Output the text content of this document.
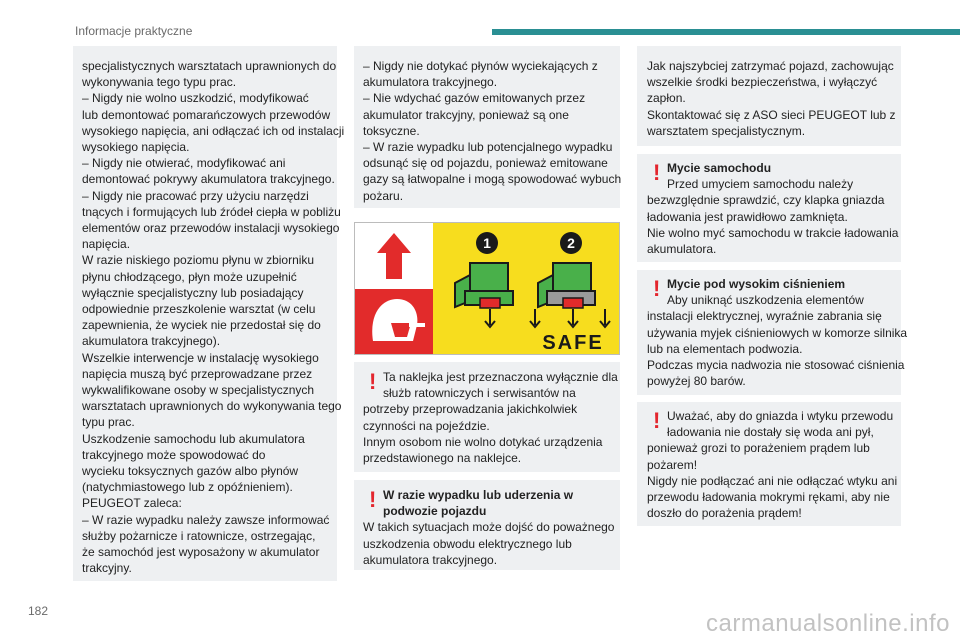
Informacje praktyczne
specjalistycznych warsztatach uprawnionych do
wykonywania tego typu prac.
– Nigdy nie wolno uszkodzić, modyfikować
lub demontować pomarańczowych przewodów
wysokiego napięcia, ani odłączać ich od instalacji
wysokiego napięcia.
– Nigdy nie otwierać, modyfikować ani
demontować pokrywy akumulatora trakcyjnego.
– Nigdy nie pracować przy użyciu narzędzi
tnących i formujących lub źródeł ciepła w pobliżu
elementów oraz przewodów instalacji wysokiego
napięcia.
W razie niskiego poziomu płynu w zbiorniku
płynu chłodzącego, płyn może uzupełnić
wyłącznie specjalistyczny lub posiadający
odpowiednie przeszkolenie warsztat (w celu
zapewnienia, że wyciek nie przedostał się do
akumulatora trakcyjnego).
Wszelkie interwencje w instalację wysokiego
napięcia muszą być przeprowadzane przez
wykwalifikowane osoby w specjalistycznych
warsztatach uprawnionych do wykonywania tego
typu prac.
Uszkodzenie samochodu lub akumulatora
trakcyjnego może spowodować do
wycieku toksycznych gazów albo płynów
(natychmiastowego lub z opóźnieniem).
PEUGEOT zaleca:
– W razie wypadku należy zawsze informować
służby pożarnicze i ratownicze, ostrzegając,
że samochód jest wyposażony w akumulator
trakcyjny.
– Nigdy nie dotykać płynów wyciekających z
akumulatora trakcyjnego.
– Nie wdychać gazów emitowanych przez
akumulator trakcyjny, ponieważ są one
toksyczne.
– W razie wypadku lub potencjalnego wypadku
odsunąć się od pojazdu, ponieważ emitowane
gazy są łatwopalne i mogą spowodować wybuch
pożaru.
1	2
SAFE
! Ta naklejka jest przeznaczona wyłącznie dla
służb ratowniczych i serwisantów na
potrzeby przeprowadzania jakichkolwiek
czynności na pojeździe.
Innym osobom nie wolno dotykać urządzenia
przedstawionego na naklejce.
! W razie wypadku lub uderzenia w
podwozie pojazdu
W takich sytuacjach może dojść do poważnego
uszkodzenia obwodu elektrycznego lub
akumulatora trakcyjnego.
Jak najszybciej zatrzymać pojazd, zachowując
wszelkie środki bezpieczeństwa, i wyłączyć
zapłon.
Skontaktować się z ASO sieci PEUGEOT lub z
warsztatem specjalistycznym.
! Mycie samochodu
Przed umyciem samochodu należy
bezwzględnie sprawdzić, czy klapka gniazda
ładowania jest prawidłowo zamknięta.
Nie wolno myć samochodu w trakcie ładowania
akumulatora.
! Mycie pod wysokim ciśnieniem
Aby uniknąć uszkodzenia elementów
instalacji elektrycznej, wyraźnie zabrania się
używania myjek ciśnieniowych w komorze silnika
lub na elementach podwozia.
Podczas mycia nadwozia nie stosować ciśnienia
powyżej 80 barów.
! Uważać, aby do gniazda i wtyku przewodu
ładowania nie dostały się woda ani pył,
ponieważ grozi to porażeniem prądem lub
pożarem!
Nigdy nie podłączać ani nie odłączać wtyku ani
przewodu ładowania mokrymi rękami, aby nie
doszło do porażenia prądem!
182	carmanualsonline.info
